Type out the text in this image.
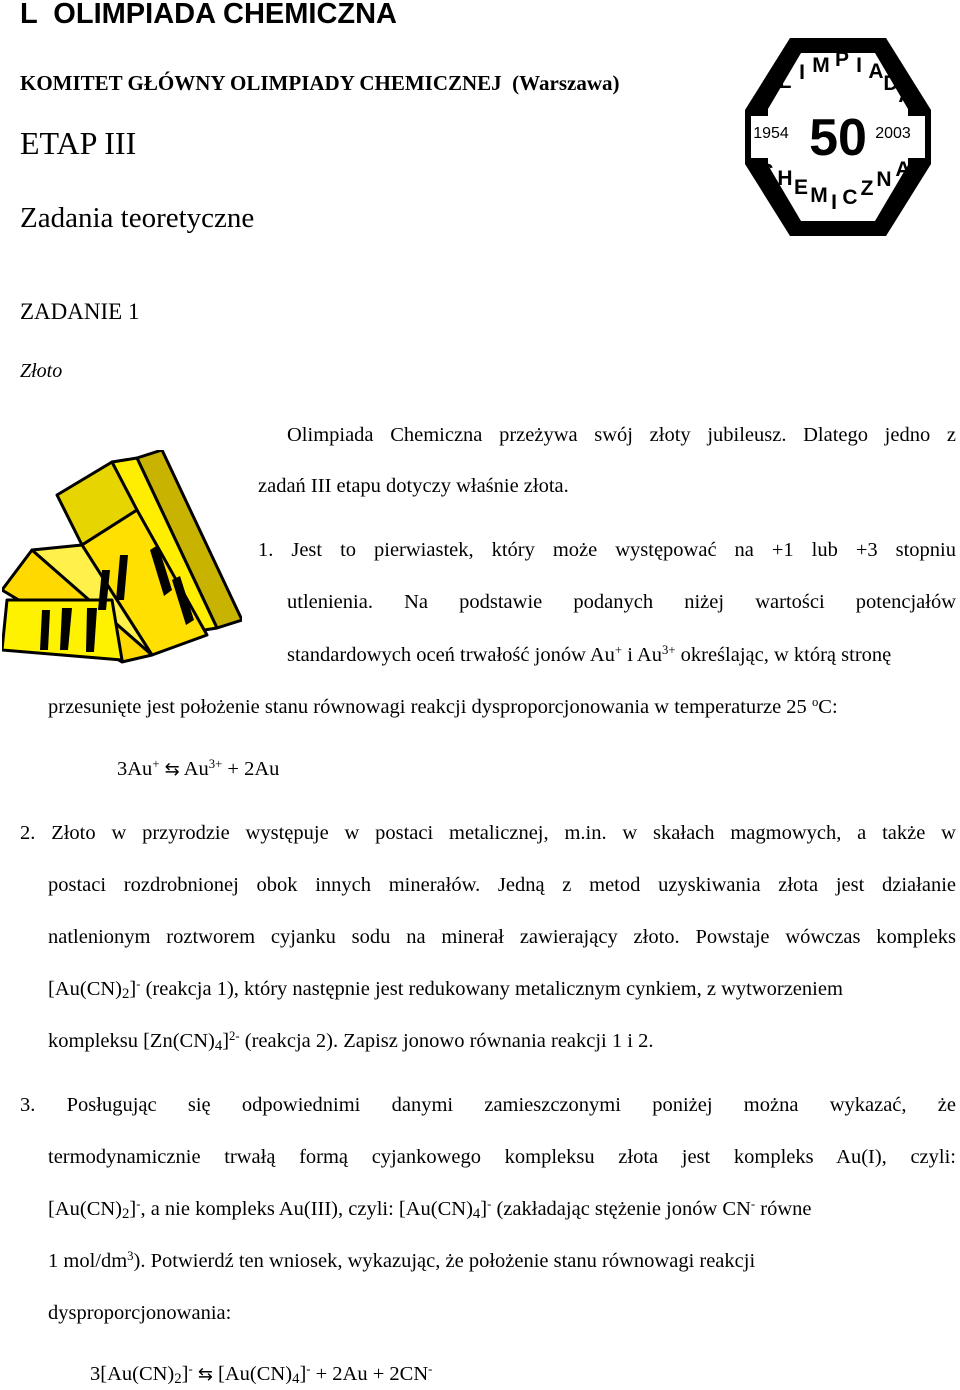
L  OLIMPIADA CHEMICZNA
KOMITET GŁÓWNY OLIMPIADY CHEMICZNEJ  (Warszawa)
ETAP III
Zadania teoretyczne
O
L I M P I A
D
A
C H E M I C Z N A
50
1954	2003
ZADANIE 1
Złoto
Olimpiada Chemiczna przeżywa swój złoty jubileusz. Dlatego jedno z
zadań III etapu dotyczy właśnie złota.
1. Jest to pierwiastek, który może występować na +1 lub +3 stopniu
utlenienia. Na podstawie podanych niżej wartości potencjałów
standardowych oceń trwałość jonów Au+ i $Au^{3+}$ określając, w którą stronę
przesunięte jest położenie stanu równowagi reakcji dysproporcjonowania w temperaturze 25 $^o$C:
3Au+ ⇆ $Au^{3+} + 2Au$
2. Złoto w przyrodzie występuje w postaci metalicznej, m.in. w skałach magmowych, a także w
postaci rozdrobnionej obok innych minerałów. Jedną z metod uzyskiwania złota jest działanie
natlenionym roztworem cyjanku sodu na minerał zawierający złoto. Powstaje wówczas kompleks
$[Au(CN)_2]^-$ (reakcja 1), który następnie jest redukowany metalicznym cynkiem, z wytworzeniem
kompleksu $[Zn(CN)_4]^{2-}$ (reakcja 2). Zapisz jonowo równania reakcji 1 i 2.
3. Posługując się odpowiednimi danymi zamieszczonymi poniżej można wykazać, że
termodynamicznie trwałą formą cyjankowego kompleksu złota jest kompleks Au(I), czyli:
$[Au(CN)_2]^-$, a nie kompleks Au(III), czyli: $[Au(CN)_4]^-$ (zakładając stężenie jonów CN- równe
1 mol/$dm^3$). Potwierdź ten wniosek, wykazując, że położenie stanu równowagi reakcji
dysproporcjonowania:
$3[Au(CN)_2]^-$ ⇆ $[Au(CN)_4]^- + 2Au + 2CN^-$
